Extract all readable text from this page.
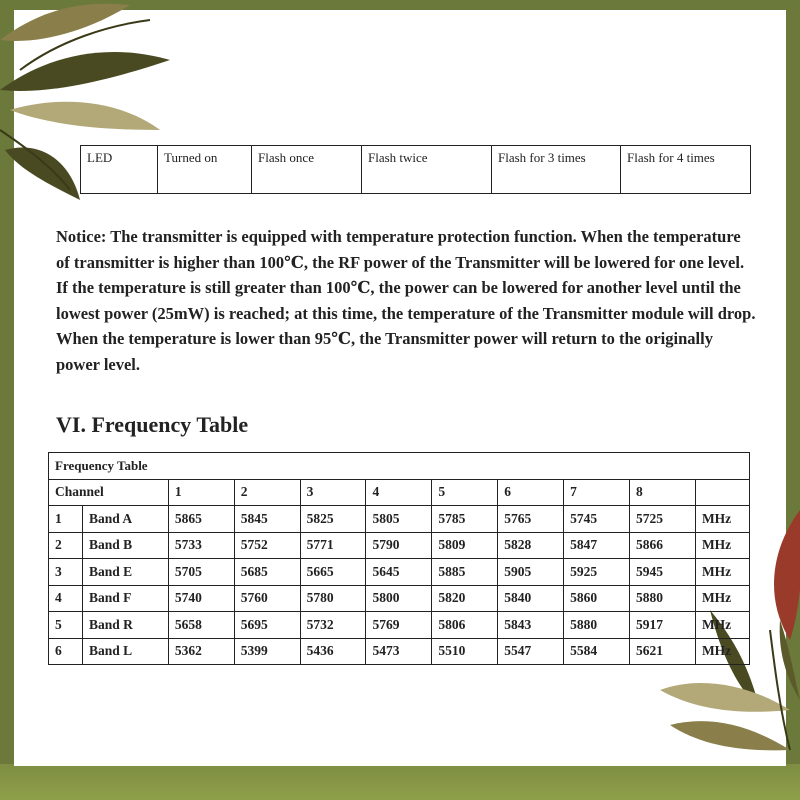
LED	Turned on	Flash once	Flash twice	Flash for 3 times	Flash for 4 times

Notice: The transmitter is equipped with temperature protection function. When the temperature of transmitter is higher than 100℃, the RF power of the Transmitter will be lowered for one level. If the temperature is still greater than 100℃, the power can be lowered for another level until the lowest power (25mW) is reached; at this time, the temperature of the Transmitter module will drop. When the temperature is lower than 95℃, the Transmitter power will return to the originally power level.

VI. Frequency Table
Frequency Table										
Channel		1	2	3	4	5	6	7	8	
1	Band A	5865	5845	5825	5805	5785	5765	5745	5725	MHz
2	Band B	5733	5752	5771	5790	5809	5828	5847	5866	MHz
3	Band E	5705	5685	5665	5645	5885	5905	5925	5945	MHz
4	Band F	5740	5760	5780	5800	5820	5840	5860	5880	MHz
5	Band R	5658	5695	5732	5769	5806	5843	5880	5917	MHz
6	Band L	5362	5399	5436	5473	5510	5547	5584	5621	MHz
